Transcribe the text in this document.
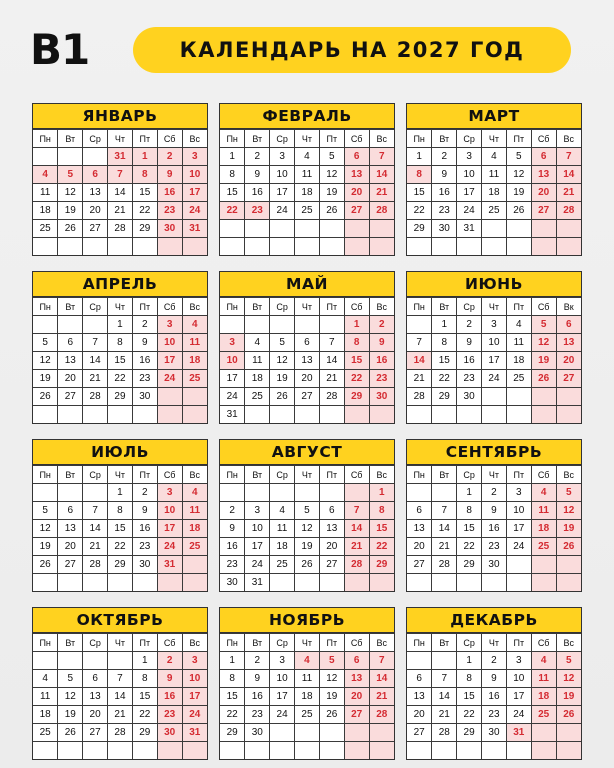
B1	КАЛЕНДАРЬ НА 2027 ГОД
ЯНВАРЬ
Пн	Вт	Ср	Чт	Пт	Сб	Вс
			31	1	2	3
4	5	6	7	8	9	10
11	12	13	14	15	16	17
18	19	20	21	22	23	24
25	26	27	28	29	30	31

ФЕВРАЛЬ
Пн	Вт	Ср	Чт	Пт	Сб	Вс
1	2	3	4	5	6	7
8	9	10	11	12	13	14
15	16	17	18	19	20	21
22	23	24	25	26	27	28

МАРТ
Пн	Вт	Ср	Чт	Пт	Сб	Вс
1	2	3	4	5	6	7
8	9	10	11	12	13	14
15	16	17	18	19	20	21
22	23	24	25	26	27	28
29	30	31				

АПРЕЛЬ
Пн	Вт	Ср	Чт	Пт	Сб	Вс
			1	2	3	4
5	6	7	8	9	10	11
12	13	14	15	16	17	18
19	20	21	22	23	24	25
26	27	28	29	30		

МАЙ
Пн	Вт	Ср	Чт	Пт	Сб	Вс
					1	2
3	4	5	6	7	8	9
10	11	12	13	14	15	16
17	18	19	20	21	22	23
24	25	26	27	28	29	30
31						
ИЮНЬ
Пн	Вт	Ср	Чт	Пт	Сб	Вк
	1	2	3	4	5	6
7	8	9	10	11	12	13
14	15	16	17	18	19	20
21	22	23	24	25	26	27
28	29	30				

ИЮЛЬ
Пн	Вт	Ср	Чт	Пт	Сб	Вс
			1	2	3	4
5	6	7	8	9	10	11
12	13	14	15	16	17	18
19	20	21	22	23	24	25
26	27	28	29	30	31	

АВГУСТ
Пн	Вт	Ср	Чт	Пт	Сб	Вс
						1
2	3	4	5	6	7	8
9	10	11	12	13	14	15
16	17	18	19	20	21	22
23	24	25	26	27	28	29
30	31					
СЕНТЯБРЬ
Пн	Вт	Ср	Чт	Пт	Сб	Вс
		1	2	3	4	5
6	7	8	9	10	11	12
13	14	15	16	17	18	19
20	21	22	23	24	25	26
27	28	29	30			

ОКТЯБРЬ
Пн	Вт	Ср	Чт	Пт	Сб	Вс
				1	2	3
4	5	6	7	8	9	10
11	12	13	14	15	16	17
18	19	20	21	22	23	24
25	26	27	28	29	30	31

НОЯБРЬ
Пн	Вт	Ср	Чт	Пт	Сб	Вс
1	2	3	4	5	6	7
8	9	10	11	12	13	14
15	16	17	18	19	20	21
22	23	24	25	26	27	28
29	30					

ДЕКАБРЬ
Пн	Вт	Ср	Чт	Пт	Сб	Вс
		1	2	3	4	5
6	7	8	9	10	11	12
13	14	15	16	17	18	19
20	21	22	23	24	25	26
27	28	29	30	31		
